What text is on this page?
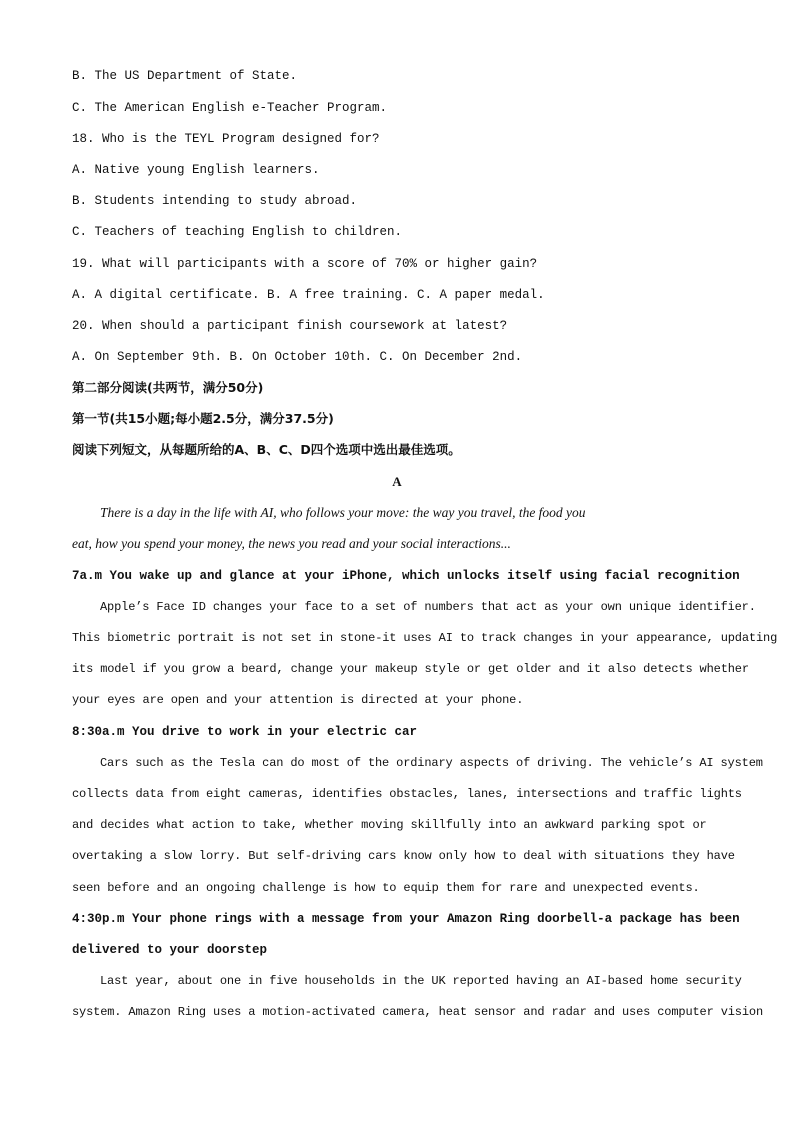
B. The US Department of State.
C. The American English e-Teacher Program.
18. Who is the TEYL Program designed for?
A. Native young English learners.
B. Students intending to study abroad.
C. Teachers of teaching English to children.
19. What will participants with a score of 70% or higher gain?
A. A digital certificate. B. A free training. C. A paper medal.
20. When should a participant finish coursework at latest?
A. On September 9th. B. On October 10th. C. On December 2nd.
第二部分阅读(共两节，满分50分)
第一节(共15小题;每小题2.5分，满分37.5分)
阅读下列短文，从每题所给的A、B、C、D四个选项中选出最佳选项。
A
There is a day in the life with AI, who follows your move: the way you travel, the food you
eat, how you spend your money, the news you read and your social interactions...
7a.m You wake up and glance at your iPhone, which unlocks itself using facial recognition
Apple’s Face ID changes your face to a set of numbers that act as your own unique identifier.
This biometric portrait is not set in stone-it uses AI to track changes in your appearance, updating
its model if you grow a beard, change your makeup style or get older and it also detects whether
your eyes are open and your attention is directed at your phone.
8:30a.m You drive to work in your electric car
Cars such as the Tesla can do most of the ordinary aspects of driving. The vehicle’s AI system
collects data from eight cameras, identifies obstacles, lanes, intersections and traffic lights
and decides what action to take, whether moving skillfully into an awkward parking spot or
overtaking a slow lorry. But self-driving cars know only how to deal with situations they have
seen before and an ongoing challenge is how to equip them for rare and unexpected events.
4:30p.m Your phone rings with a message from your Amazon Ring doorbell-a package has been
delivered to your doorstep
Last year, about one in five households in the UK reported having an AI-based home security
system. Amazon Ring uses a motion-activated camera, heat sensor and radar and uses computer vision
